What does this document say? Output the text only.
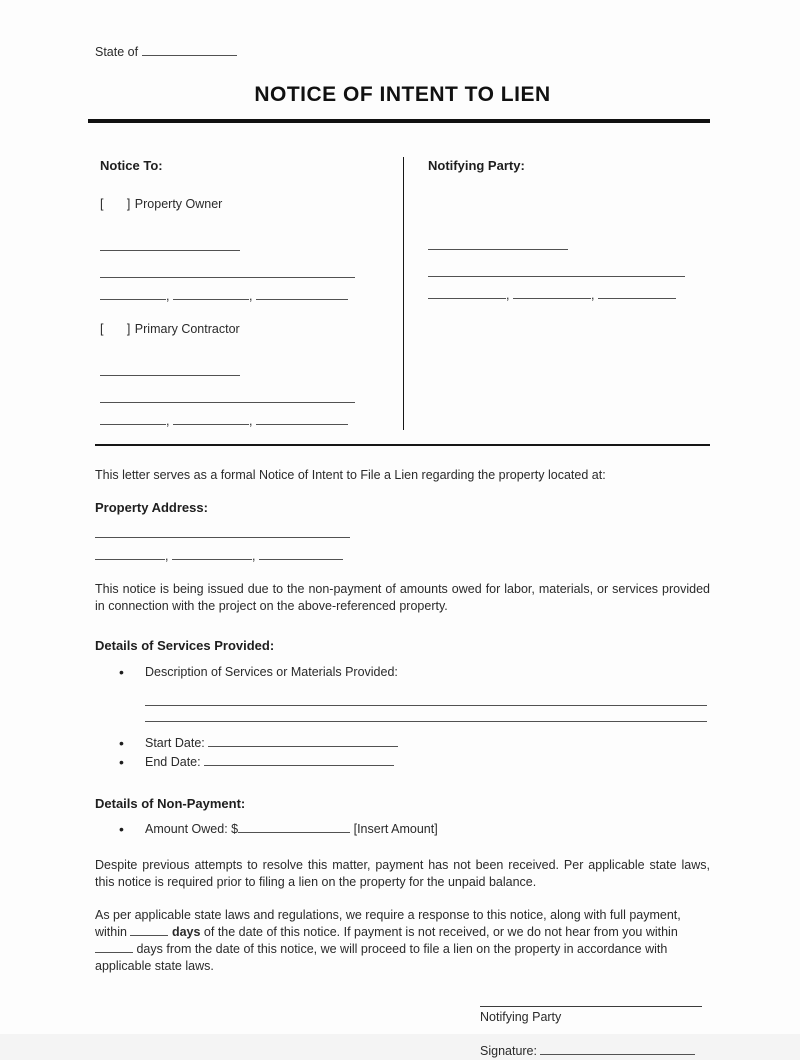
State of
NOTICE OF INTENT TO LIEN
Notice To:
[     ] Property Owner
,	,
[     ] Primary Contractor
,	,
Notifying Party:
,	,

This letter serves as a formal Notice of Intent to File a Lien regarding the property located at:

Property Address:
,	,

This notice is being issued due to the non-payment of amounts owed for labor, materials, or services provided in connection with the project on the above-referenced property.

Details of Services Provided:
• Description of Services or Materials Provided:
• Start Date:
• End Date:
Details of Non-Payment:
• Amount Owed: $	[Insert Amount]

Despite previous attempts to resolve this matter, payment has not been received. Per applicable state laws, this notice is required prior to filing a lien on the property for the unpaid balance.

As per applicable state laws and regulations, we require a response to this notice, along with full payment, within	days of the date of this notice. If payment is not received, or we do not hear from you within  days from the date of this notice, we will proceed to file a lien on the property in accordance with applicable state laws.

Notifying Party
Signature:
